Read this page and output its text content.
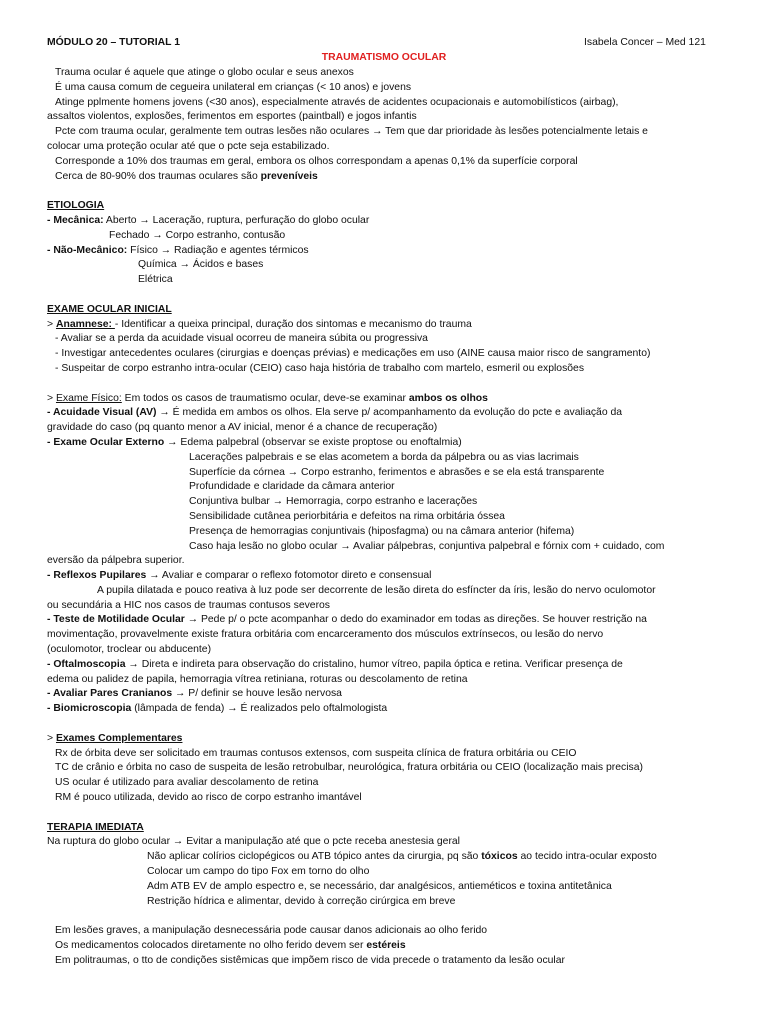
MÓDULO 20 – TUTORIAL 1	Isabela Concer – Med 121
TRAUMATISMO OCULAR
Trauma ocular é aquele que atinge o globo ocular e seus anexos
É uma causa comum de cegueira unilateral em crianças (< 10 anos) e jovens
Atinge pplmente homens jovens (<30 anos), especialmente através de acidentes ocupacionais e automobilísticos (airbag),
assaltos violentos, explosões, ferimentos em esportes (paintball) e jogos infantis
Pcte com trauma ocular, geralmente tem outras lesões não oculares → Tem que dar prioridade às lesões potencialmente letais e
colocar uma proteção ocular até que o pcte seja estabilizado.
Corresponde a 10% dos traumas em geral, embora os olhos correspondam a apenas 0,1% da superfície corporal
Cerca de 80-90% dos traumas oculares são preveníveis
ETIOLOGIA
- Mecânica: Aberto → Laceração, ruptura, perfuração do globo ocular
Fechado → Corpo estranho, contusão
- Não-Mecânico: Físico → Radiação e agentes térmicos
Química → Ácidos e bases
Elétrica
EXAME OCULAR INICIAL
> Anamnese: - Identificar a queixa principal, duração dos sintomas e mecanismo do trauma
- Avaliar se a perda da acuidade visual ocorreu de maneira súbita ou progressiva
- Investigar antecedentes oculares (cirurgias e doenças prévias) e medicações em uso (AINE causa maior risco de sangramento)
- Suspeitar de corpo estranho intra-ocular (CEIO) caso haja história de trabalho com martelo, esmeril ou explosões
> Exame Físico: Em todos os casos de traumatismo ocular, deve-se examinar ambos os olhos
- Acuidade Visual (AV) → É medida em ambos os olhos. Ela serve p/ acompanhamento da evolução do pcte e avaliação da
gravidade do caso (pq quanto menor a AV inicial, menor é a chance de recuperação)
- Exame Ocular Externo → Edema palpebral (observar se existe proptose ou enoftalmia)
Lacerações palpebrais e se elas acometem a borda da pálpebra ou as vias lacrimais
Superfície da córnea → Corpo estranho, ferimentos e abrasões e se ela está transparente
Profundidade e claridade da câmara anterior
Conjuntiva bulbar → Hemorragia, corpo estranho e lacerações
Sensibilidade cutânea periorbitária e defeitos na rima orbitária óssea
Presença de hemorragias conjuntivais (hiposfagma) ou na câmara anterior (hifema)
Caso haja lesão no globo ocular → Avaliar pálpebras, conjuntiva palpebral e fórnix com + cuidado, com
eversão da pálpebra superior.
- Reflexos Pupilares → Avaliar e comparar o reflexo fotomotor direto e consensual
A pupila dilatada e pouco reativa à luz pode ser decorrente de lesão direta do esfíncter da íris, lesão do nervo oculomotor
ou secundária a HIC nos casos de traumas contusos severos
- Teste de Motilidade Ocular → Pede p/ o pcte acompanhar o dedo do examinador em todas as direções. Se houver restrição na
movimentação, provavelmente existe fratura orbitária com encarceramento dos músculos extrínsecos, ou lesão do nervo
(oculomotor, troclear ou abducente)
- Oftalmoscopia → Direta e indireta para observação do cristalino, humor vítreo, papila óptica e retina. Verificar presença de
edema ou palidez de papila, hemorragia vítrea retiniana, roturas ou descolamento de retina
- Avaliar Pares Cranianos → P/ definir se houve lesão nervosa
- Biomicroscopia (lâmpada de fenda) → É realizados pelo oftalmologista
> Exames Complementares
Rx de órbita deve ser solicitado em traumas contusos extensos, com suspeita clínica de fratura orbitária ou CEIO
TC de crânio e órbita no caso de suspeita de lesão retrobulbar, neurológica, fratura orbitária ou CEIO (localização mais precisa)
US ocular é utilizado para avaliar descolamento de retina
RM é pouco utilizada, devido ao risco de corpo estranho imantável
TERAPIA IMEDIATA
Na ruptura do globo ocular → Evitar a manipulação até que o pcte receba anestesia geral
Não aplicar colírios ciclopégicos ou ATB tópico antes da cirurgia, pq são tóxicos ao tecido intra-ocular exposto
Colocar um campo do tipo Fox em torno do olho
Adm ATB EV de amplo espectro e, se necessário, dar analgésicos, antieméticos e toxina antitetânica
Restrição hídrica e alimentar, devido à correção cirúrgica em breve
Em lesões graves, a manipulação desnecessária pode causar danos adicionais ao olho ferido
Os medicamentos colocados diretamente no olho ferido devem ser estéreis
Em politraumas, o tto de condições sistêmicas que impõem risco de vida precede o tratamento da lesão ocular
